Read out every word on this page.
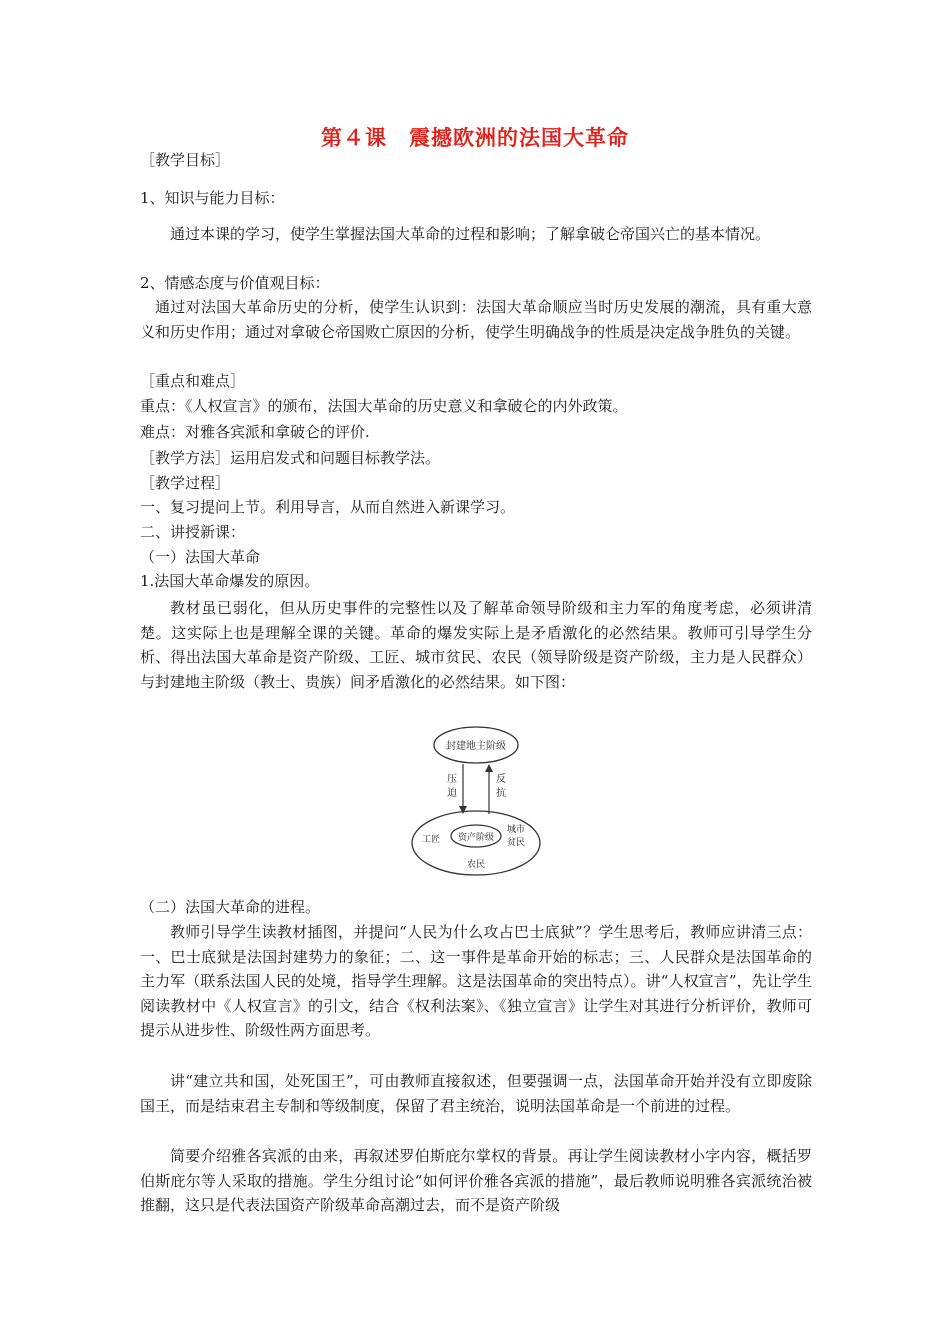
第４课　震撼欧洲的法国大革命
［教学目标］
1、知识与能力目标：
通过本课的学习，使学生掌握法国大革命的过程和影响；了解拿破仑帝国兴亡的基本情况。
2、情感态度与价值观目标：
通过对法国大革命历史的分析，使学生认识到：法国大革命顺应当时历史发展的潮流，具有重大意义和历史作用；通过对拿破仑帝国败亡原因的分析，使学生明确战争的性质是决定战争胜负的关键。
［重点和难点］
重点：《人权宣言》的颁布，法国大革命的历史意义和拿破仑的内外政策。
难点：对雅各宾派和拿破仑的评价.
［教学方法］运用启发式和问题目标教学法。
［教学过程］
一、复习提问上节。利用导言，从而自然进入新课学习。
二、讲授新课：
（一）法国大革命
1.法国大革命爆发的原因。
教材虽已弱化，但从历史事件的完整性以及了解革命领导阶级和主力军的角度考虑，必须讲清楚。这实际上也是理解全课的关键。革命的爆发实际上是矛盾激化的必然结果。教师可引导学生分析、得出法国大革命是资产阶级、工匠、城市贫民、农民（领导阶级是资产阶级，主力是人民群众）与封建地主阶级（教士、贵族）间矛盾激化的必然结果。如下图：
封建地主阶级
压
迫
反
抗
资产阶级
工匠
城市
贫民
农民
（二）法国大革命的进程。
教师引导学生读教材插图，并提问“人民为什么攻占巴士底狱”？学生思考后，教师应讲清三点：一、巴士底狱是法国封建势力的象征；二、这一事件是革命开始的标志；三、人民群众是法国革命的主力军（联系法国人民的处境，指导学生理解。这是法国革命的突出特点）。讲“人权宣言”，先让学生阅读教材中《人权宣言》的引文，结合《权利法案》、《独立宣言》让学生对其进行分析评价，教师可提示从进步性、阶级性两方面思考。
讲“建立共和国，处死国王”，可由教师直接叙述，但要强调一点，法国革命开始并没有立即废除国王，而是结束君主专制和等级制度，保留了君主统治，说明法国革命是一个前进的过程。
简要介绍雅各宾派的由来，再叙述罗伯斯庇尔掌权的背景。再让学生阅读教材小字内容，概括罗伯斯庇尔等人采取的措施。学生分组讨论“如何评价雅各宾派的措施”，最后教师说明雅各宾派统治被推翻，这只是代表法国资产阶级革命高潮过去，而不是资产阶级
